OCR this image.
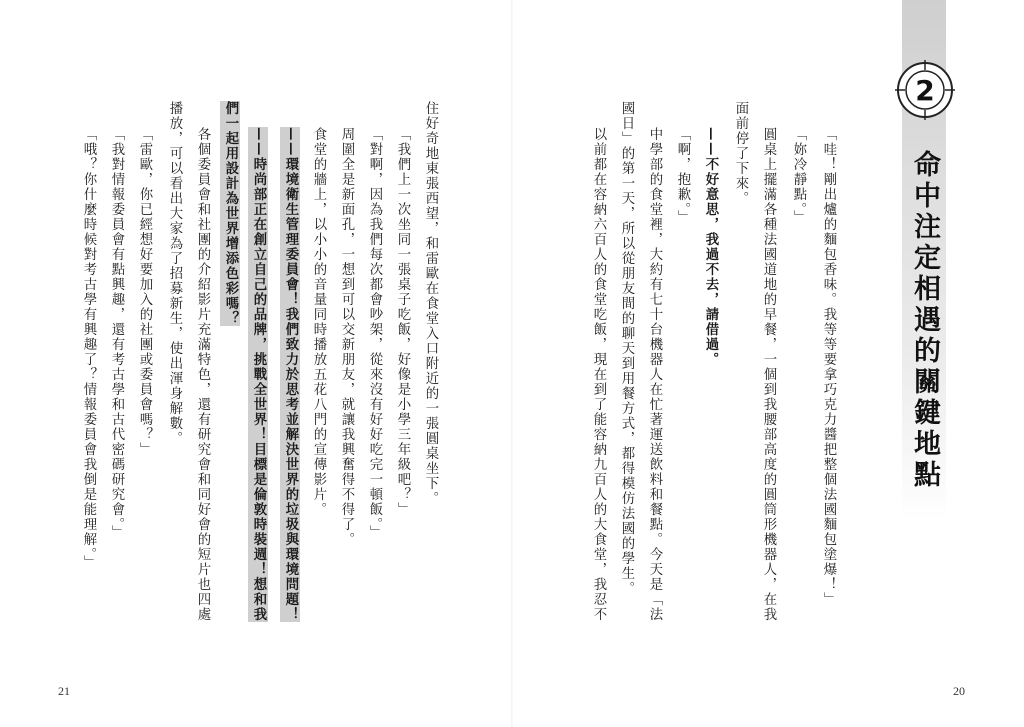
2
命中注定相遇的關鍵地點
「哇！剛出爐的麵包香味。我等等要拿巧克力醬把整個法國麵包塗爆！」
「妳冷靜點。」
圓桌上擺滿各種法國道地的早餐，一個到我腰部高度的圓筒形機器人，在我
面前停了下來。
——不好意思，我過不去，請借過。
「啊，抱歉。」
中學部的食堂裡，大約有七十台機器人在忙著運送飲料和餐點。今天是「法
國日」的第一天，所以從朋友間的聊天到用餐方式，都得模仿法國的學生。
以前都在容納六百人的食堂吃飯，現在到了能容納九百人的大食堂，我忍不
20
住好奇地東張西望，和雷歐在食堂入口附近的一張圓桌坐下。
「我們上一次坐同一張桌子吃飯，好像是小學三年級吧？」
「對啊，因為我們每次都會吵架，從來沒有好好吃完一頓飯。」
周圍全是新面孔，一想到可以交新朋友，就讓我興奮得不得了。
食堂的牆上，以小小的音量同時播放五花八門的宣傳影片。
——環境衛生管理委員會！我們致力於思考並解決世界的垃圾與環境問題！
——時尚部正在創立自己的品牌，挑戰全世界！目標是倫敦時裝週！想和我
們一起用設計為世界增添色彩嗎？
各個委員會和社團的介紹影片充滿特色，還有研究會和同好會的短片也四處
播放，可以看出大家為了招募新生，使出渾身解數。
「雷歐，你已經想好要加入的社團或委員會嗎？」
「我對情報委員會有點興趣，還有考古學和古代密碼研究會。」
「哦？你什麼時候對考古學有興趣了？情報委員會我倒是能理解。」
21
